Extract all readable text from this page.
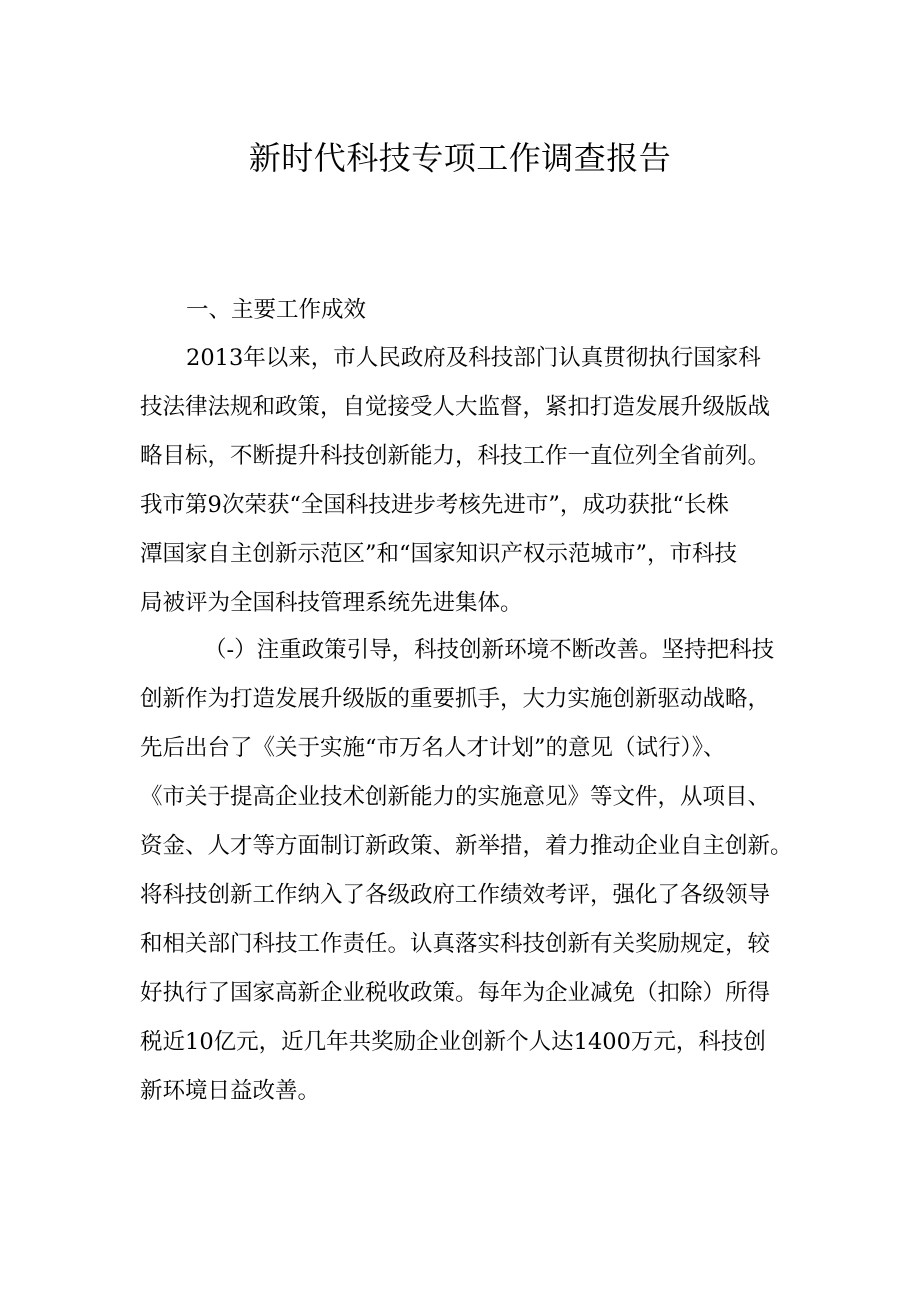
新时代科技专项工作调查报告

一、主要工作成效

2013年以来，市人民政府及科技部门认真贯彻执行国家科

技法律法规和政策，自觉接受人大监督，紧扣打造发展升级版战

略目标，不断提升科技创新能力，科技工作一直位列全省前列。

我市第9次荣获“全国科技进步考核先进市”，成功获批“长株

潭国家自主创新示范区”和“国家知识产权示范城市”，市科技

局被评为全国科技管理系统先进集体。

（-）注重政策引导，科技创新环境不断改善。坚持把科技

创新作为打造发展升级版的重要抓手，大力实施创新驱动战略，

先后出台了《关于实施“市万名人才计划”的意见（试行）》、

《市关于提高企业技术创新能力的实施意见》等文件，从项目、

资金、人才等方面制订新政策、新举措，着力推动企业自主创新。

将科技创新工作纳入了各级政府工作绩效考评，强化了各级领导

和相关部门科技工作责任。认真落实科技创新有关奖励规定，较

好执行了国家高新企业税收政策。每年为企业减免（扣除）所得

税近10亿元，近几年共奖励企业创新个人达1400万元，科技创

新环境日益改善。
